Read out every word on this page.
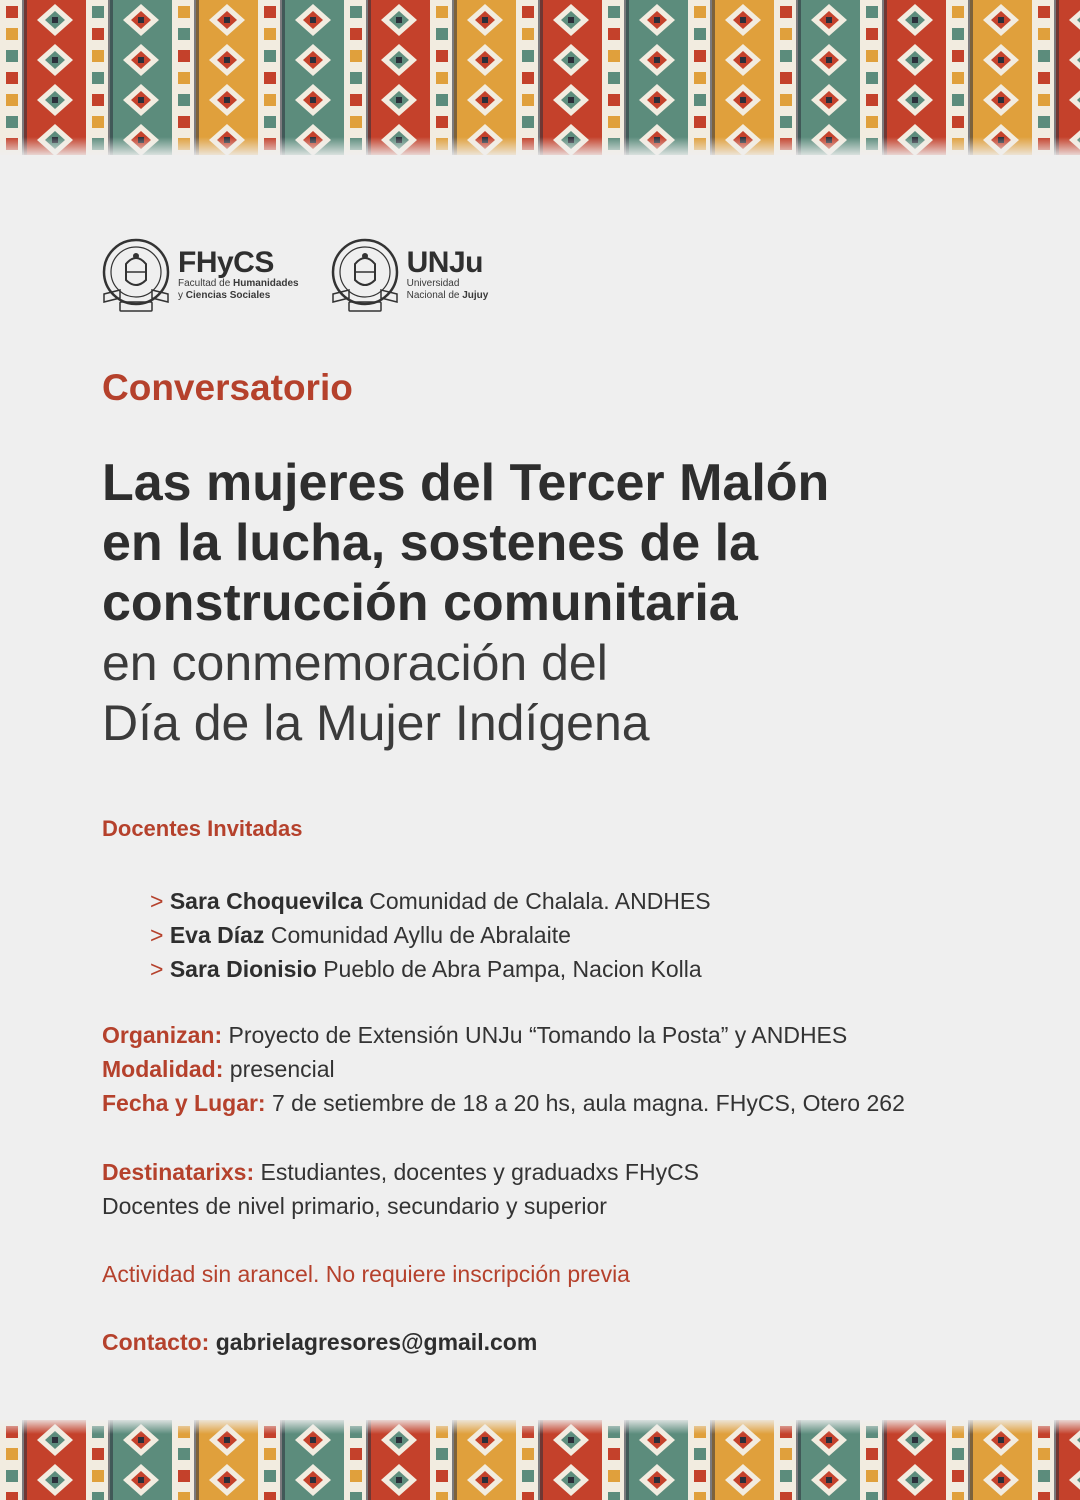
FHyCS
Facultad de Humanidades
y Ciencias Sociales
UNJu
Universidad
Nacional de Jujuy
Conversatorio
Las mujeres del Tercer Malón
en la lucha, sostenes de la
construcción comunitaria
en conmemoración del
Día de la Mujer Indígena
Docentes Invitadas
> Sara Choquevilca Comunidad de Chalala. ANDHES
> Eva Díaz Comunidad Ayllu de Abralaite
> Sara Dionisio Pueblo de Abra Pampa, Nacion Kolla
Organizan: Proyecto de Extensión UNJu “Tomando la Posta” y ANDHES
Modalidad: presencial
Fecha y Lugar: 7 de setiembre de 18 a 20 hs, aula magna. FHyCS, Otero 262
Destinatarixs: Estudiantes, docentes y graduadxs FHyCS
Docentes de nivel primario, secundario y superior
Actividad sin arancel. No requiere inscripción previa
Contacto: gabrielagresores@gmail.com
